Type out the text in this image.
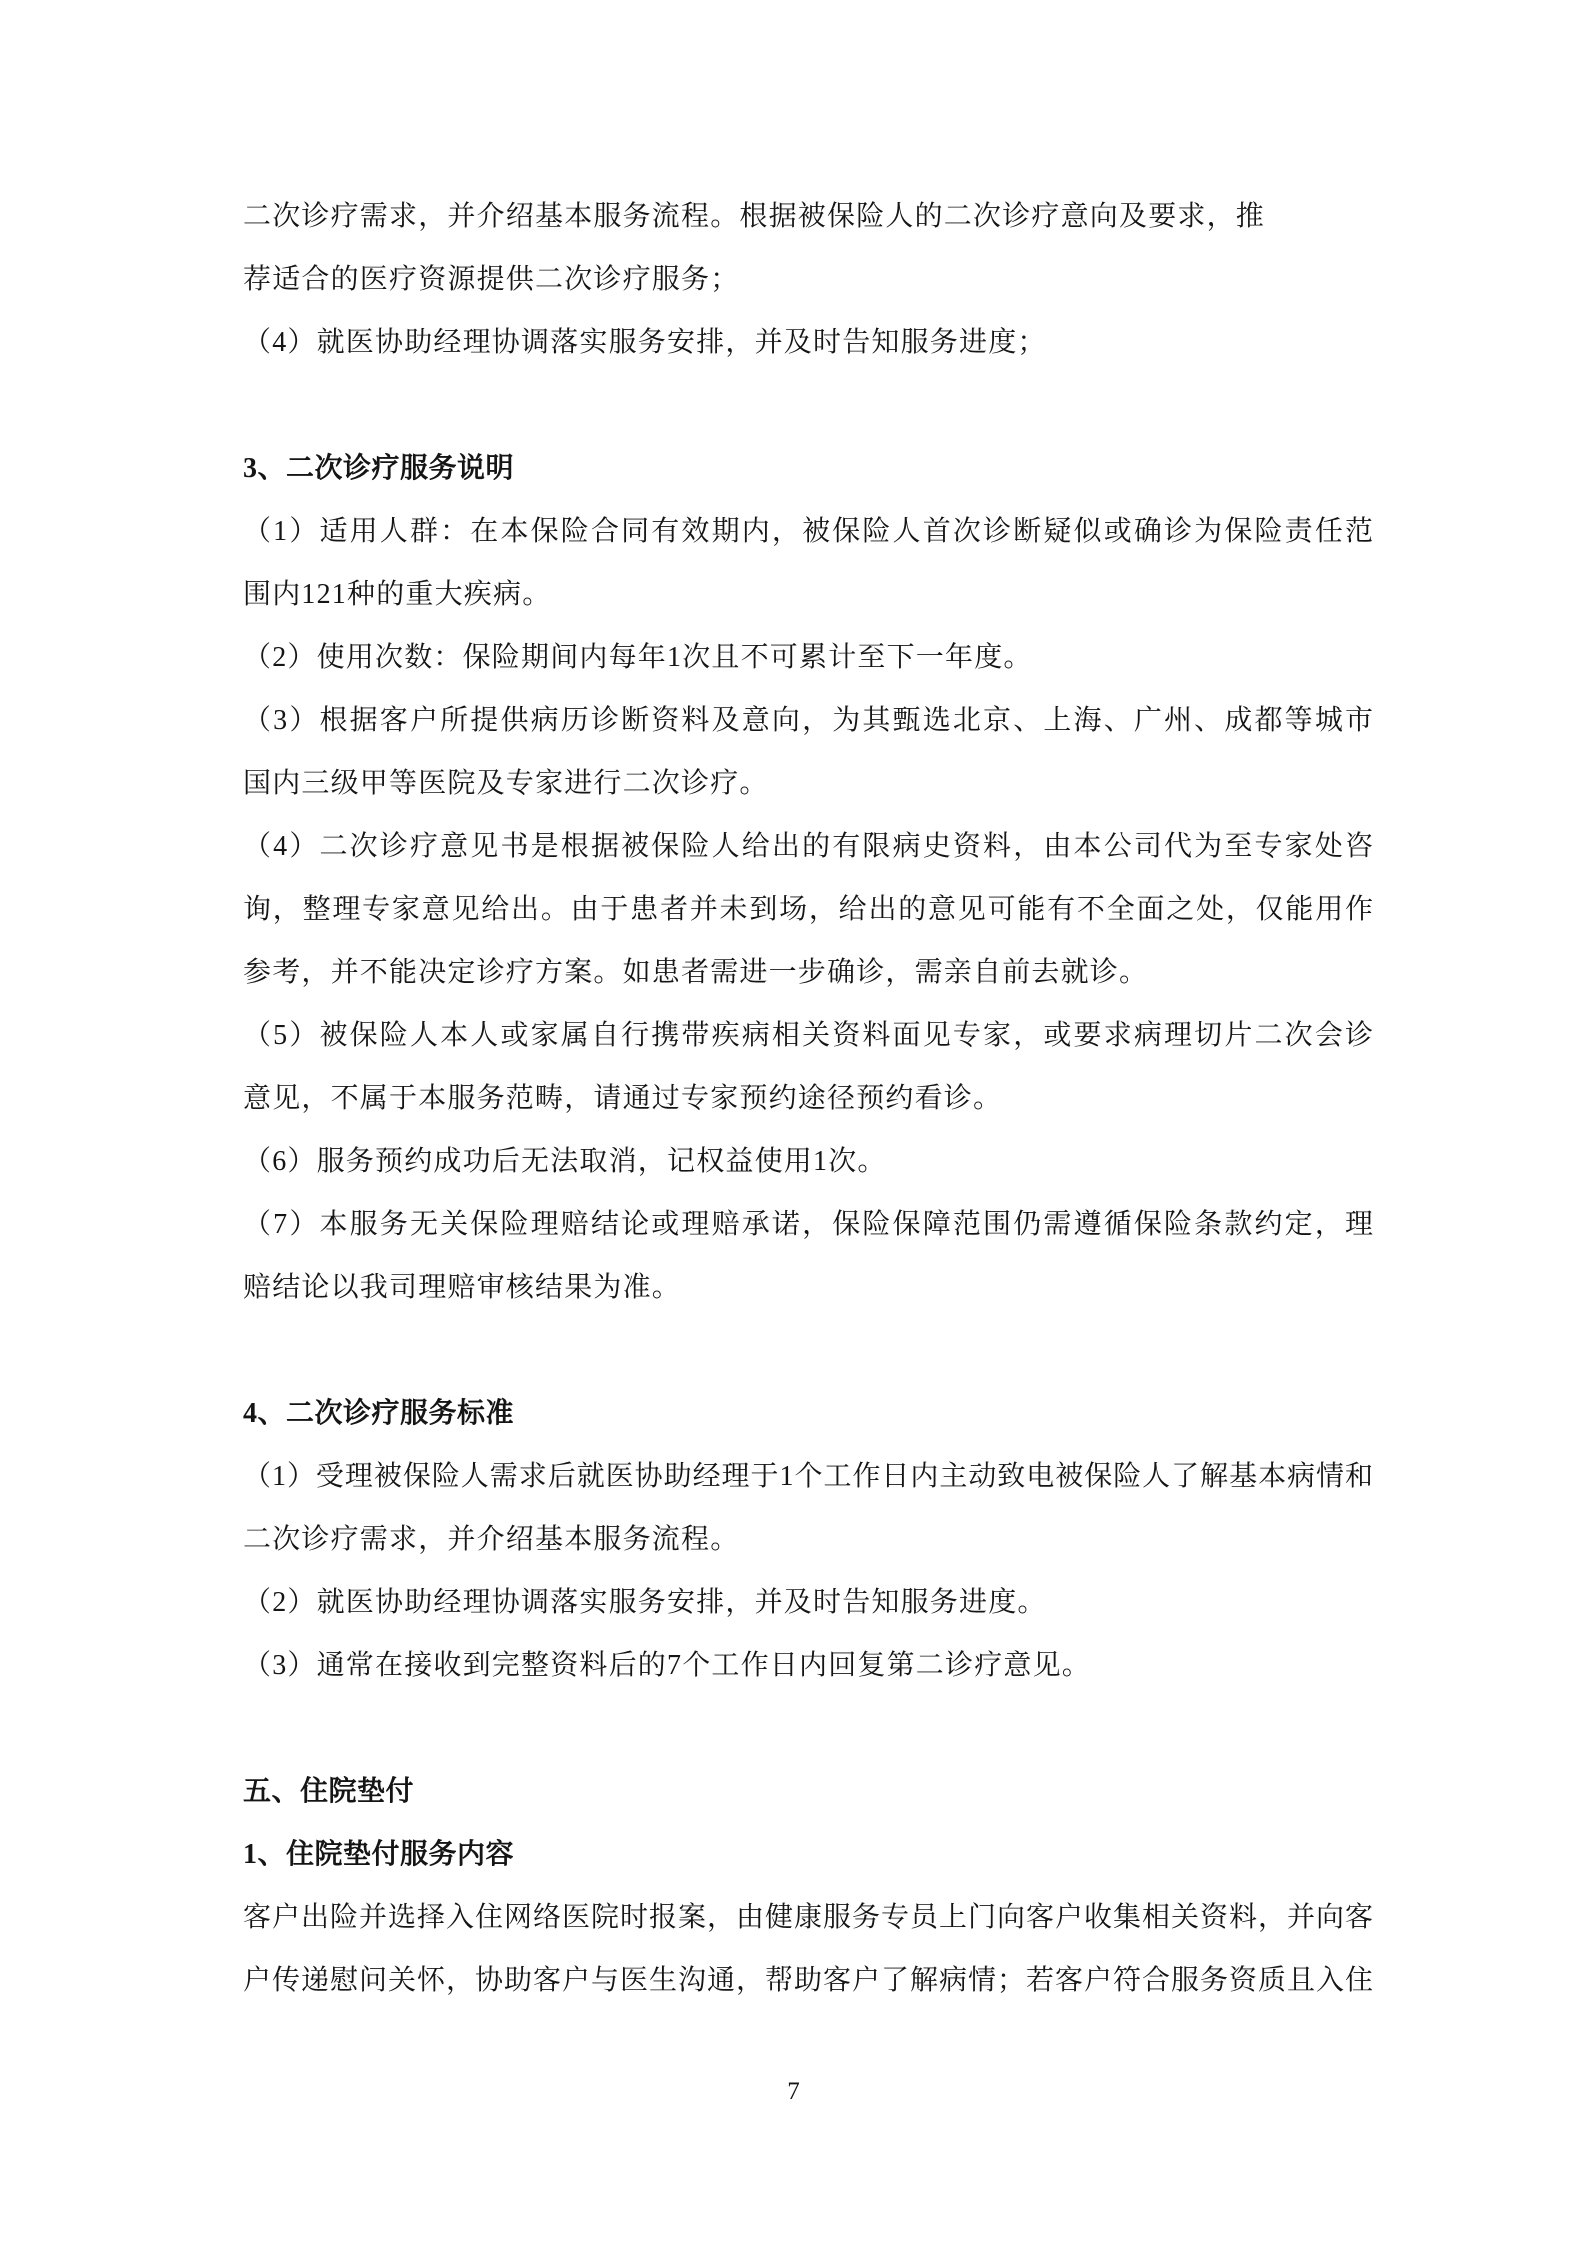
二次诊疗需求，并介绍基本服务流程。根据被保险人的二次诊疗意向及要求，推
荐适合的医疗资源提供二次诊疗服务；
（4）就医协助经理协调落实服务安排，并及时告知服务进度；
3、二次诊疗服务说明
（1）适用人群：在本保险合同有效期内，被保险人首次诊断疑似或确诊为保险责任范
围内121种的重大疾病。
（2）使用次数：保险期间内每年1次且不可累计至下一年度。
（3）根据客户所提供病历诊断资料及意向，为其甄选北京、上海、广州、成都等城市
国内三级甲等医院及专家进行二次诊疗。
（4）二次诊疗意见书是根据被保险人给出的有限病史资料，由本公司代为至专家处咨
询，整理专家意见给出。由于患者并未到场，给出的意见可能有不全面之处，仅能用作
参考，并不能决定诊疗方案。如患者需进一步确诊，需亲自前去就诊。
（5）被保险人本人或家属自行携带疾病相关资料面见专家，或要求病理切片二次会诊
意见，不属于本服务范畴，请通过专家预约途径预约看诊。
（6）服务预约成功后无法取消，记权益使用1次。
（7）本服务无关保险理赔结论或理赔承诺，保险保障范围仍需遵循保险条款约定，理
赔结论以我司理赔审核结果为准。
4、二次诊疗服务标准
（1）受理被保险人需求后就医协助经理于1个工作日内主动致电被保险人了解基本病情和
二次诊疗需求，并介绍基本服务流程。
（2）就医协助经理协调落实服务安排，并及时告知服务进度。
（3）通常在接收到完整资料后的7个工作日内回复第二诊疗意见。
五、住院垫付
1、住院垫付服务内容
客户出险并选择入住网络医院时报案，由健康服务专员上门向客户收集相关资料，并向客
户传递慰问关怀，协助客户与医生沟通，帮助客户了解病情；若客户符合服务资质且入住
7
